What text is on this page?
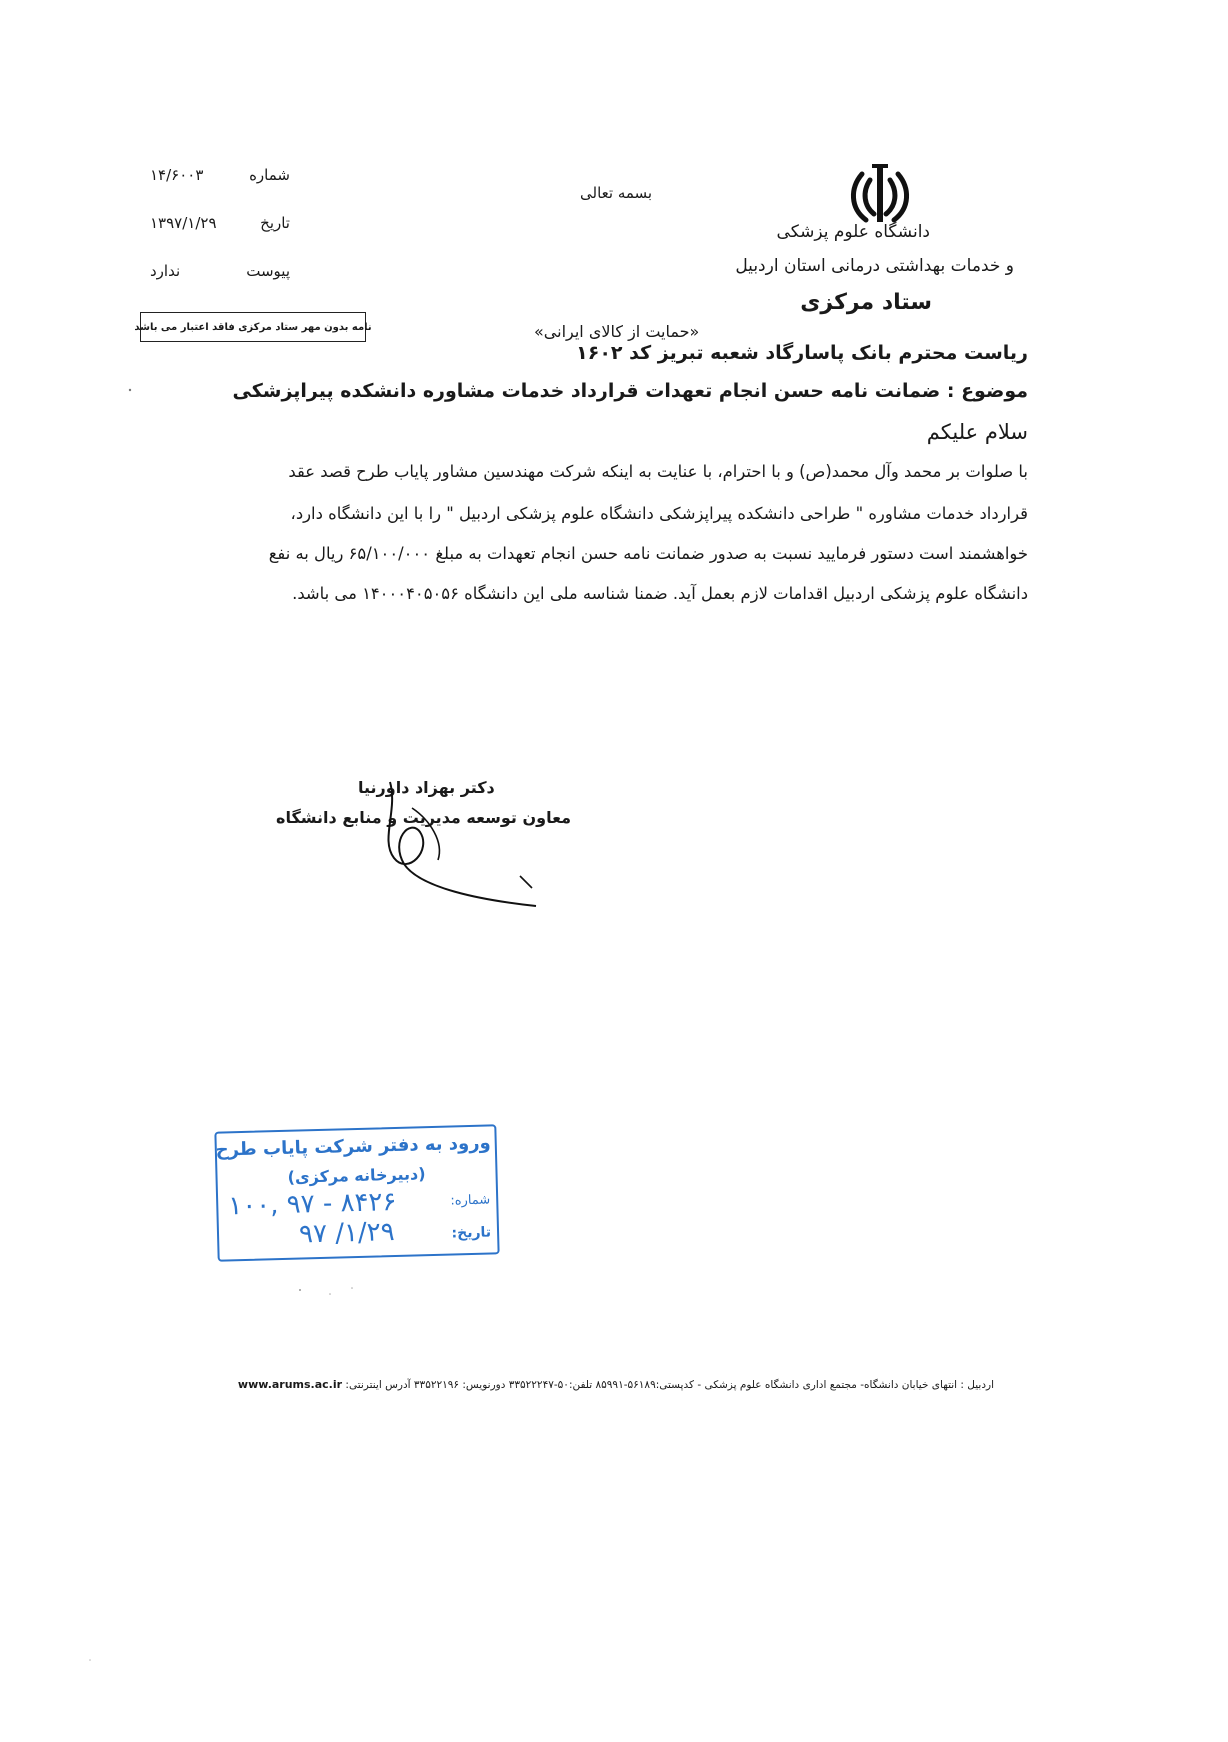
دانشگاه علوم پزشکی
و خدمات بهداشتی درمانی استان اردبیل
ستاد مرکزی
بسمه تعالی
«حمایت از کالای ایرانی»
شماره
۱۴/۶۰۰۳
تاریخ
۱۳۹۷/۱/۲۹
پیوست
ندارد
نامه بدون مهر ستاد مرکزی فاقد اعتبار می باشد
ریاست محترم بانک پاسارگاد شعبه تبریز کد ۱۶۰۲
موضوع : ضمانت نامه حسن انجام تعهدات قرارداد خدمات مشاوره دانشکده پیراپزشکی
سلام علیکم
با صلوات بر محمد وآل محمد(ص) و با احترام، با عنایت به اینکه شرکت مهندسین مشاور پایاب طرح قصد عقد
قرارداد خدمات مشاوره " طراحی دانشکده پیراپزشکی دانشگاه علوم پزشکی اردبیل " را با این دانشگاه دارد،
خواهشمند است دستور فرمایید نسبت به صدور ضمانت نامه حسن انجام تعهدات به مبلغ ۶۵/۱۰۰/۰۰۰ ریال به نفع
دانشگاه علوم پزشکی اردبیل اقدامات لازم بعمل آید. ضمنا شناسه ملی این دانشگاه ۱۴۰۰۰۴۰۵۰۵۶ می باشد.
دکتر بهزاد داورنیا
معاون توسعه مدیریت و منابع دانشگاه
ورود به دفتر شرکت پایاب طرح
(دبیرخانه مرکزی)
شماره:
۱۰۰, ۹۷ - ۸۴۲۶
تاریخ:
۹۷ /۱/۲۹
اردبیل : انتهای خیابان دانشگاه- مجتمع اداری دانشگاه علوم پزشکی - کدپستی:۵۶۱۸۹-۸۵۹۹۱ تلفن:۵۰-۳۳۵۲۲۲۴۷ دورنویس: ۳۳۵۲۲۱۹۶ آدرس اینترنتی: www.arums.ac.ir
